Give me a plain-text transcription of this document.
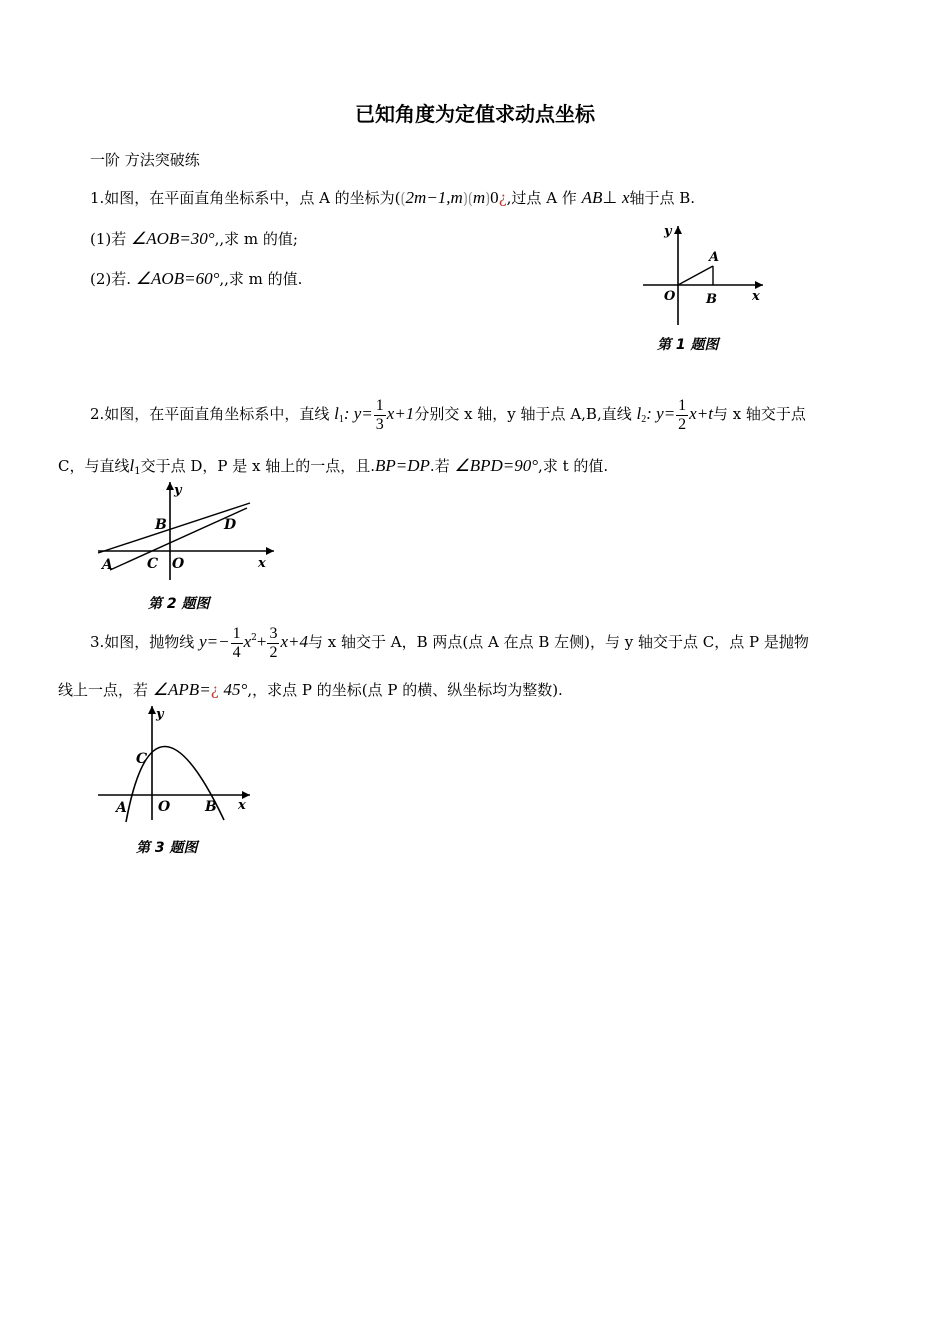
已知角度为定值求动点坐标
一阶 方法突破练
1.如图，在平面直角坐标系中，点 A 的坐标为(⟮2m−1,m⟯⟮m⟯0¿,过点 A 作 AB⊥ x轴于点 B.
(1)若 ∠AOB=30°,,求 m 的值;
(2)若. ∠AOB=60°,,求 m 的值.
y
A
O B	x
第 1 题图
2.如图，在平面直角坐标系中，直线 $l_1$: $y= \frac{1}{3} x+1$分别交 x 轴，y 轴于点 A,B,直线 $l_2$: $y= \frac{1}{2} x+t$与 x 轴交于点
C，与直线$l_1$交于点 D，P 是 x 轴上的一点，且.BP=DP.若 ∠BPD=90°,求 t 的值.
y
B	D
A C O	x
第 2 题图
3.如图，抛物线 $y=- \frac{1}{4} x^2+ \frac{3}{2} x+4$与 x 轴交于 A，B 两点(点 A 在点 B 左侧)，与 y 轴交于点 C，点 P 是抛物
线上一点，若 ∠APB=¿ 45°,，求点 P 的坐标(点 P 的横、纵坐标均为整数).
y
C
A O B x
第 3 题图
